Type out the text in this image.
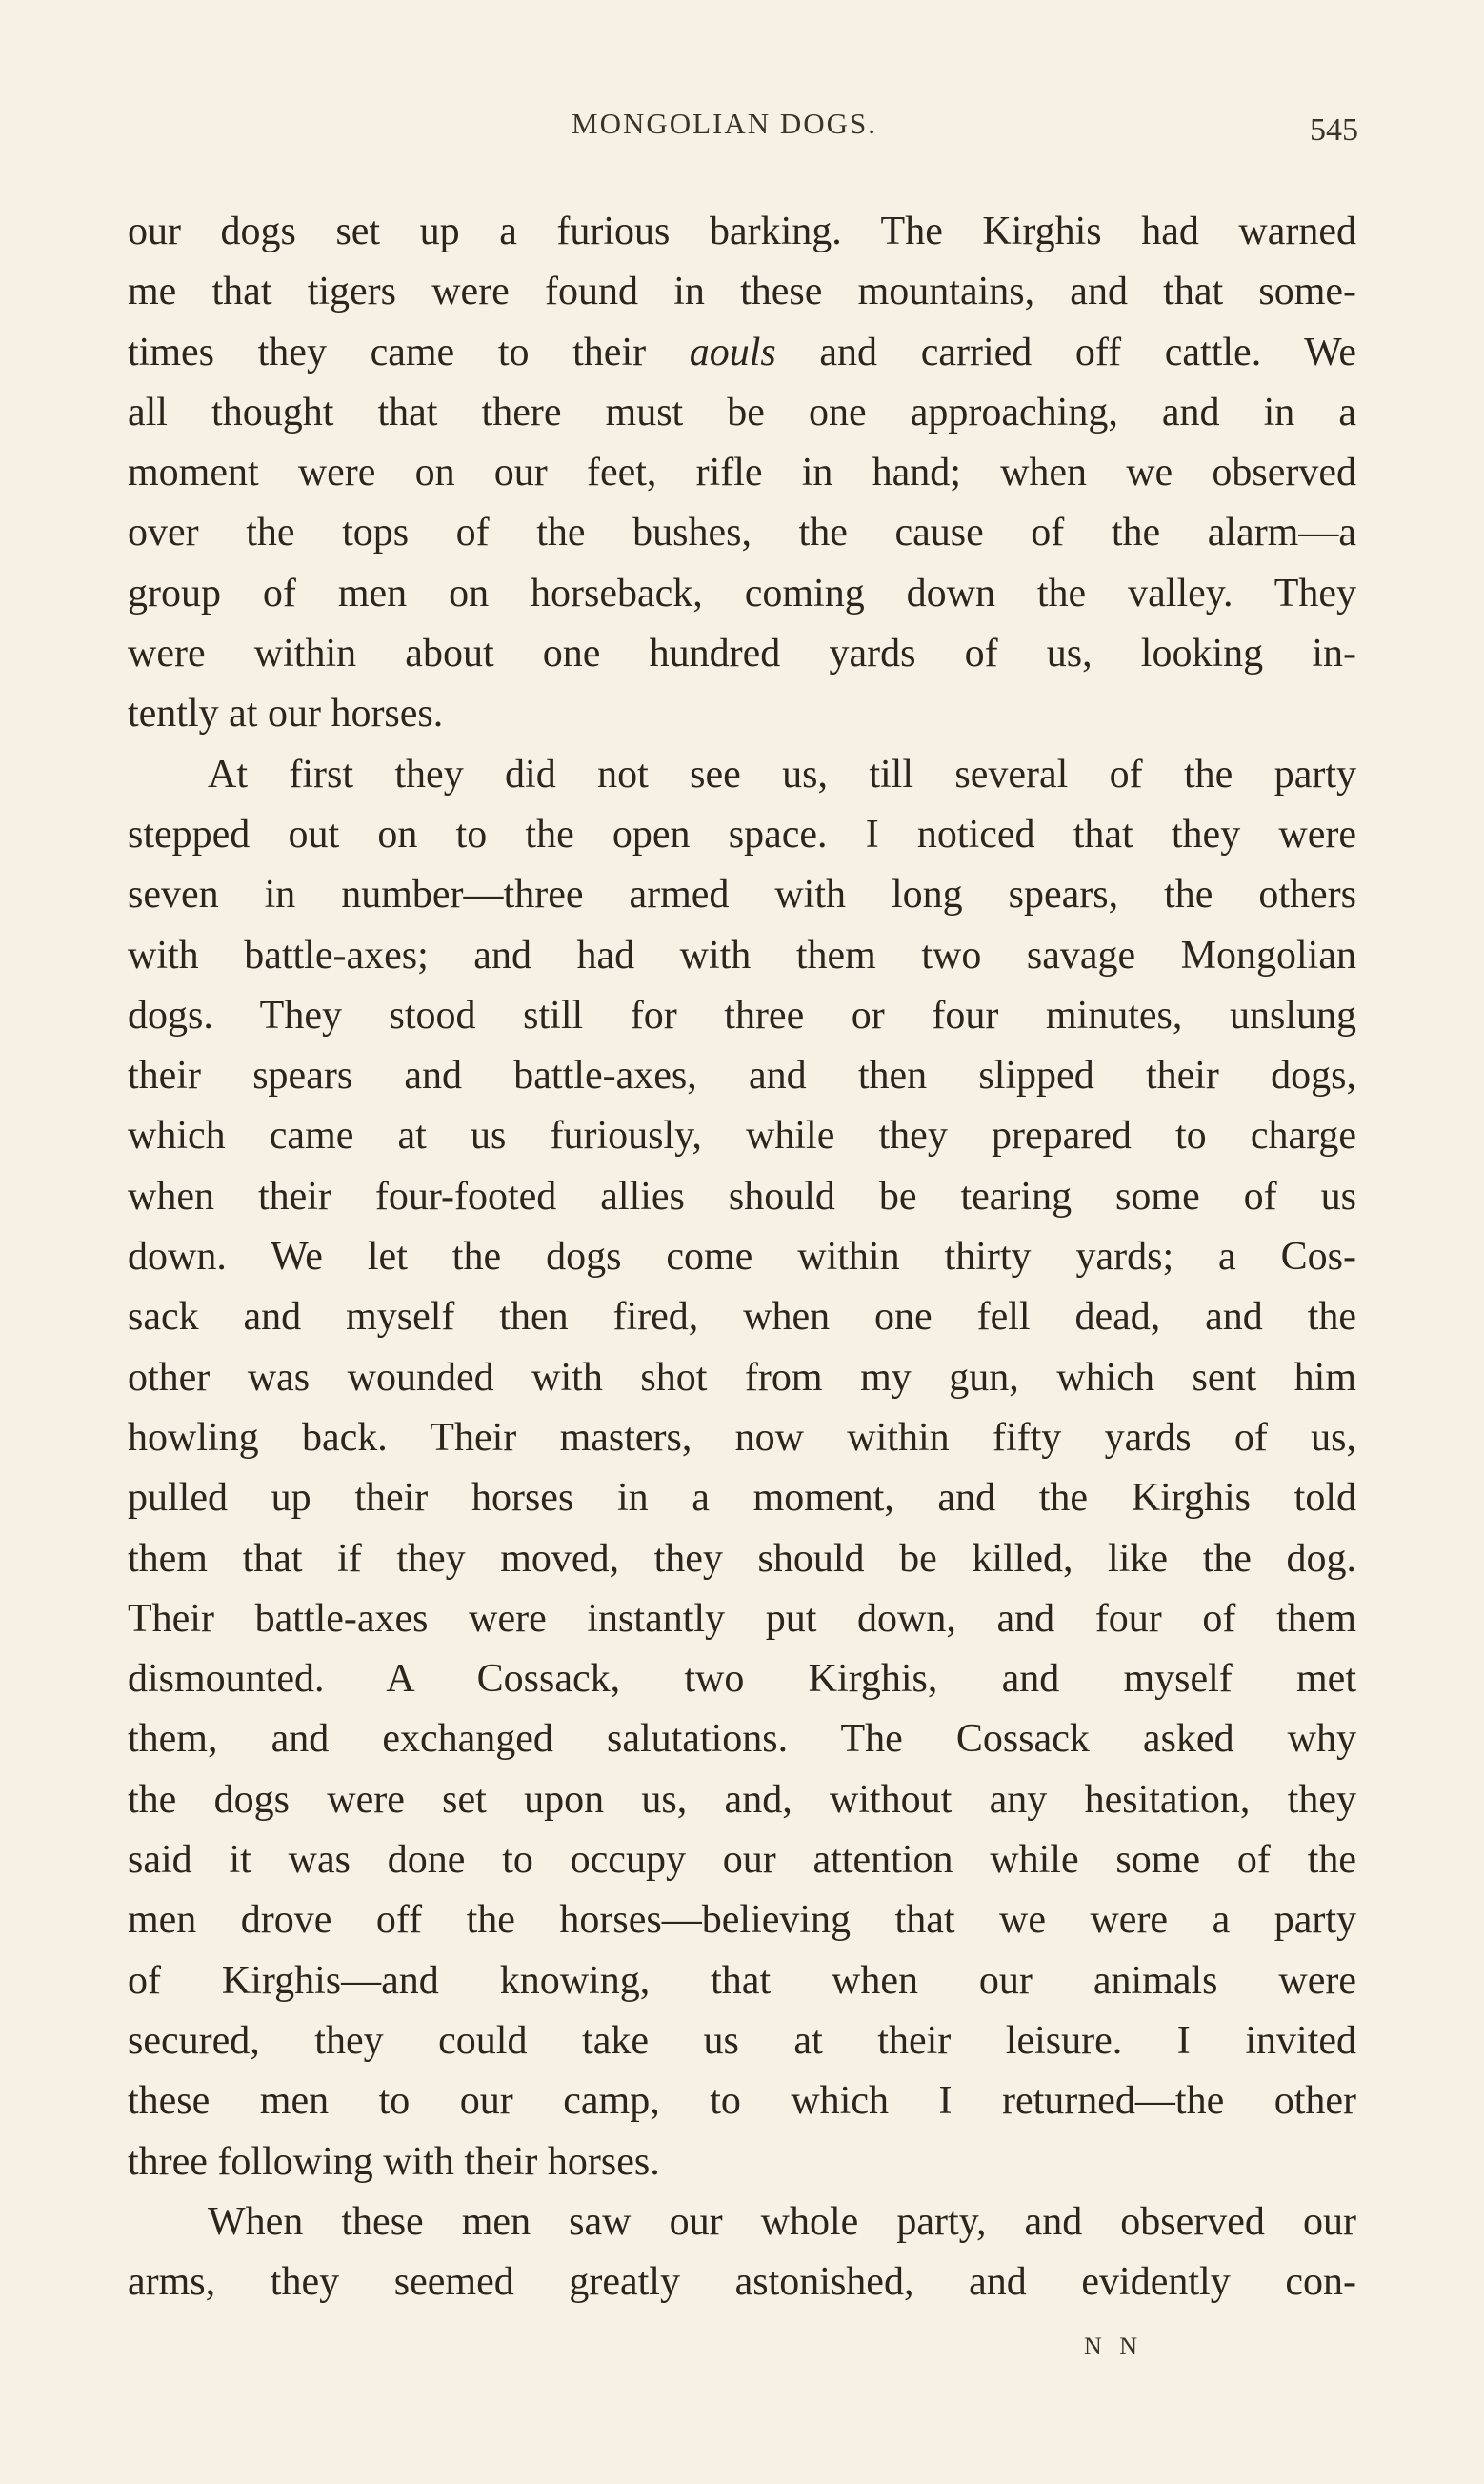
MONGOLIAN DOGS.	545
our dogs set up a furious barking. The Kirghis had warned
me that tigers were found in these mountains, and that some-
times they came to their aouls and carried off cattle. We
all thought that there must be one approaching, and in a
moment were on our feet, rifle in hand; when we observed
over the tops of the bushes, the cause of the alarm—a
group of men on horseback, coming down the valley. They
were within about one hundred yards of us, looking in-
tently at our horses.
At first they did not see us, till several of the party
stepped out on to the open space. I noticed that they were
seven in number—three armed with long spears, the others
with battle-axes; and had with them two savage Mongolian
dogs. They stood still for three or four minutes, unslung
their spears and battle-axes, and then slipped their dogs,
which came at us furiously, while they prepared to charge
when their four-footed allies should be tearing some of us
down. We let the dogs come within thirty yards; a Cos-
sack and myself then fired, when one fell dead, and the
other was wounded with shot from my gun, which sent him
howling back. Their masters, now within fifty yards of us,
pulled up their horses in a moment, and the Kirghis told
them that if they moved, they should be killed, like the dog.
Their battle-axes were instantly put down, and four of them
dismounted. A Cossack, two Kirghis, and myself met
them, and exchanged salutations. The Cossack asked why
the dogs were set upon us, and, without any hesitation, they
said it was done to occupy our attention while some of the
men drove off the horses—believing that we were a party
of Kirghis—and knowing, that when our animals were
secured, they could take us at their leisure. I invited
these men to our camp, to which I returned—the other
three following with their horses.
When these men saw our whole party, and observed our
arms, they seemed greatly astonished, and evidently con-
N N
